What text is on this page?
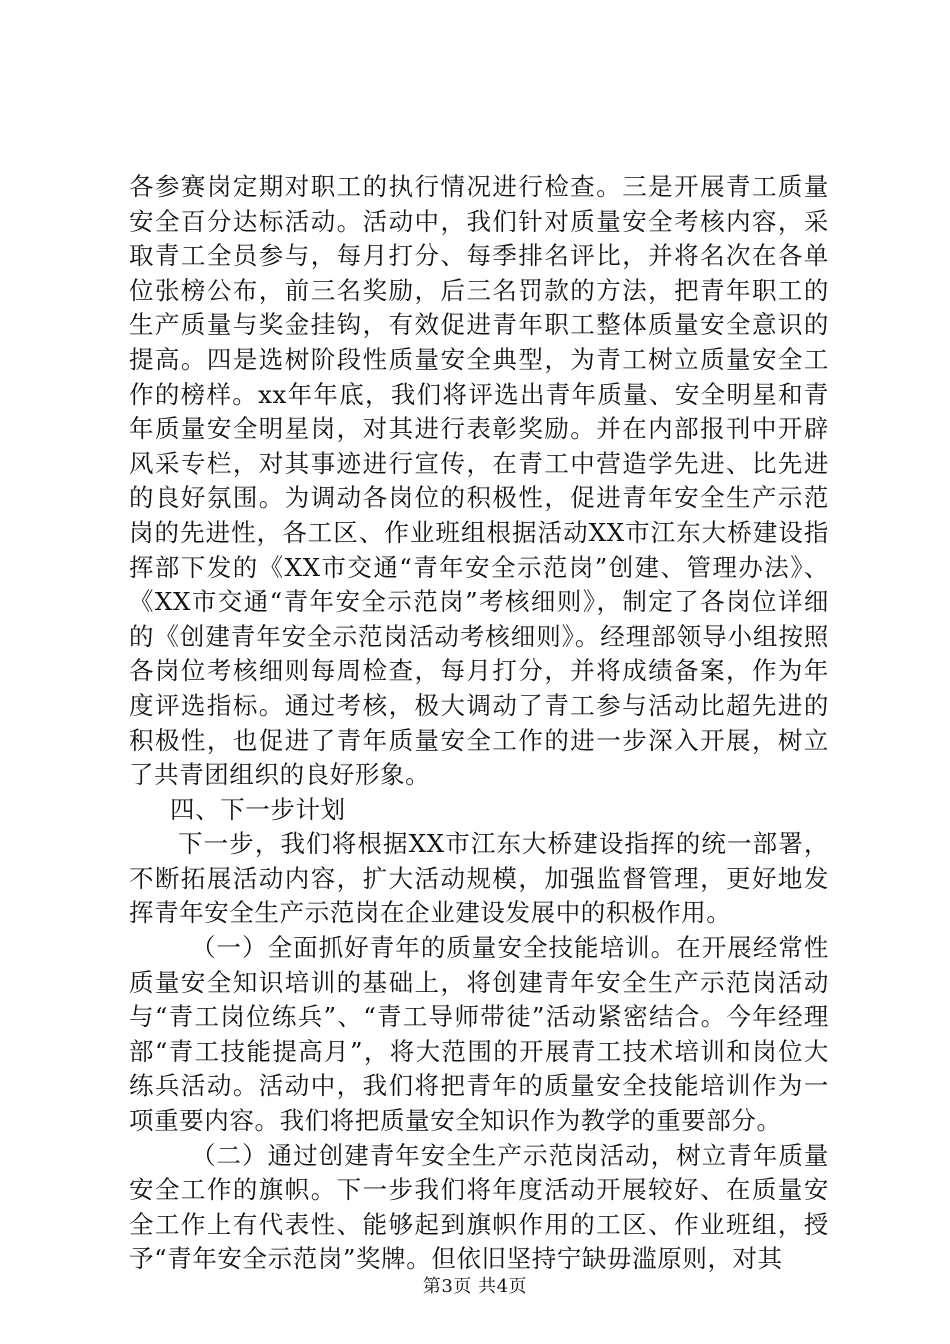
各参赛岗定期对职工的执行情况进行检查。三是开展青工质量安全百分达标活动。活动中，我们针对质量安全考核内容，采取青工全员参与，每月打分、每季排名评比，并将名次在各单位张榜公布，前三名奖励，后三名罚款的方法，把青年职工的生产质量与奖金挂钩，有效促进青年职工整体质量安全意识的提高。四是选树阶段性质量安全典型，为青工树立质量安全工作的榜样。xx年年底，我们将评选出青年质量、安全明星和青年质量安全明星岗，对其进行表彰奖励。并在内部报刊中开辟风采专栏，对其事迹进行宣传，在青工中营造学先进、比先进的良好氛围。为调动各岗位的积极性，促进青年安全生产示范岗的先进性，各工区、作业班组根据活动XX市江东大桥建设指挥部下发的《XX市交通“青年安全示范岗”创建、管理办法》、《XX市交通“青年安全示范岗”考核细则》，制定了各岗位详细的《创建青年安全示范岗活动考核细则》。经理部领导小组按照各岗位考核细则每周检查，每月打分，并将成绩备案，作为年度评选指标。通过考核，极大调动了青工参与活动比超先进的积极性，也促进了青年质量安全工作的进一步深入开展，树立了共青团组织的良好形象。

四、下一步计划

下一步，我们将根据XX市江东大桥建设指挥的统一部署，不断拓展活动内容，扩大活动规模，加强监督管理，更好地发挥青年安全生产示范岗在企业建设发展中的积极作用。

（一）全面抓好青年的质量安全技能培训。在开展经常性质量安全知识培训的基础上，将创建青年安全生产示范岗活动与“青工岗位练兵”、“青工导师带徒”活动紧密结合。今年经理部“青工技能提高月”，将大范围的开展青工技术培训和岗位大练兵活动。活动中，我们将把青年的质量安全技能培训作为一项重要内容。我们将把质量安全知识作为教学的重要部分。

（二）通过创建青年安全生产示范岗活动，树立青年质量安全工作的旗帜。下一步我们将年度活动开展较好、在质量安全工作上有代表性、能够起到旗帜作用的工区、作业班组，授予“青年安全示范岗”奖牌。但依旧坚持宁缺毋滥原则，对其

第3页 共4页
